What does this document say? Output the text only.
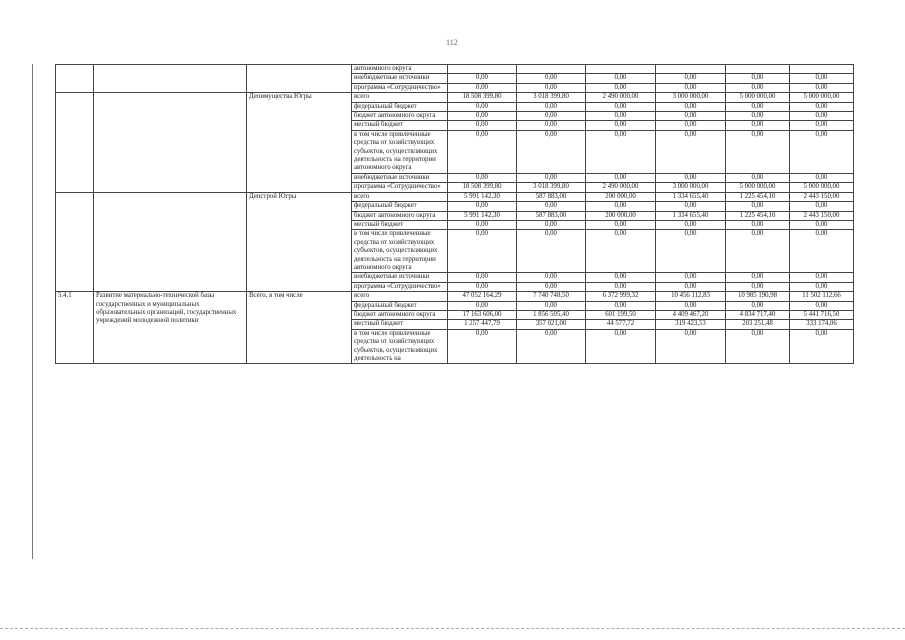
112
			автономного округа						
			внебюджетные источники	0,00	0,00	0,00	0,00	0,00	0,00
			программа «Сотрудничество»	0,00	0,00	0,00	0,00	0,00	0,00
		Депимущества Югры	всего	18 508 399,80	3 018 399,80	2 490 000,00	3 000 000,00	5 000 000,00	5 000 000,00
			федеральный бюджет	0,00	0,00	0,00	0,00	0,00	0,00
			бюджет автономного округа	0,00	0,00	0,00	0,00	0,00	0,00
			местный бюджет	0,00	0,00	0,00	0,00	0,00	0,00
			в том числе привлеченные средства от хозяйствующих субъектов, осуществляющих деятельность на территории автономного округа	0,00	0,00	0,00	0,00	0,00	0,00
			внебюджетные источники	0,00	0,00	0,00	0,00	0,00	0,00
			программа «Сотрудничество»	18 508 399,80	3 018 399,80	2 490 000,00	3 000 000,00	5 000 000,00	5 000 000,00
		Депстрой Югры	всего	5 991 142,30	587 883,00	200 000,00	1 334 655,40	1 225 454,10	2 443 150,00
			федеральный бюджет	0,00	0,00	0,00	0,00	0,00	0,00
			бюджет автономного округа	5 991 142,30	587 883,00	200 000,00	1 334 655,40	1 225 454,10	2 443 150,00
			местный бюджет	0,00	0,00	0,00	0,00	0,00	0,00
			в том числе привлеченные средства от хозяйствующих субъектов, осуществляющих деятельность на территории автономного округа	0,00	0,00	0,00	0,00	0,00	0,00
			внебюджетные источники	0,00	0,00	0,00	0,00	0,00	0,00
			программа «Сотрудничество»	0,00	0,00	0,00	0,00	0,00	0,00
5.4.1	Развитие материально-технической базы государственных и муниципальных образовательных организаций, государственных учреждений молодежной политики	Всего, в том числе	всего	47 052 164,29	7 740 748,50	6 372 999,32	10 456 112,83	10 985 190,98	11 502 112,66
			федеральный бюджет	0,00	0,00	0,00	0,00	0,00	0,00
			бюджет автономного округа	17 163 606,00	1 856 505,40	601 199,50	4 409 467,20	4 834 717,40	5 441 716,50
			местный бюджет	1 257 447,79	357 021,00	44 577,72	319 423,53	203 251,48	333 174,06
			в том числе привлеченные средства от хозяйствующих субъектов, осуществляющих деятельность на	0,00	0,00	0,00	0,00	0,00	0,00
